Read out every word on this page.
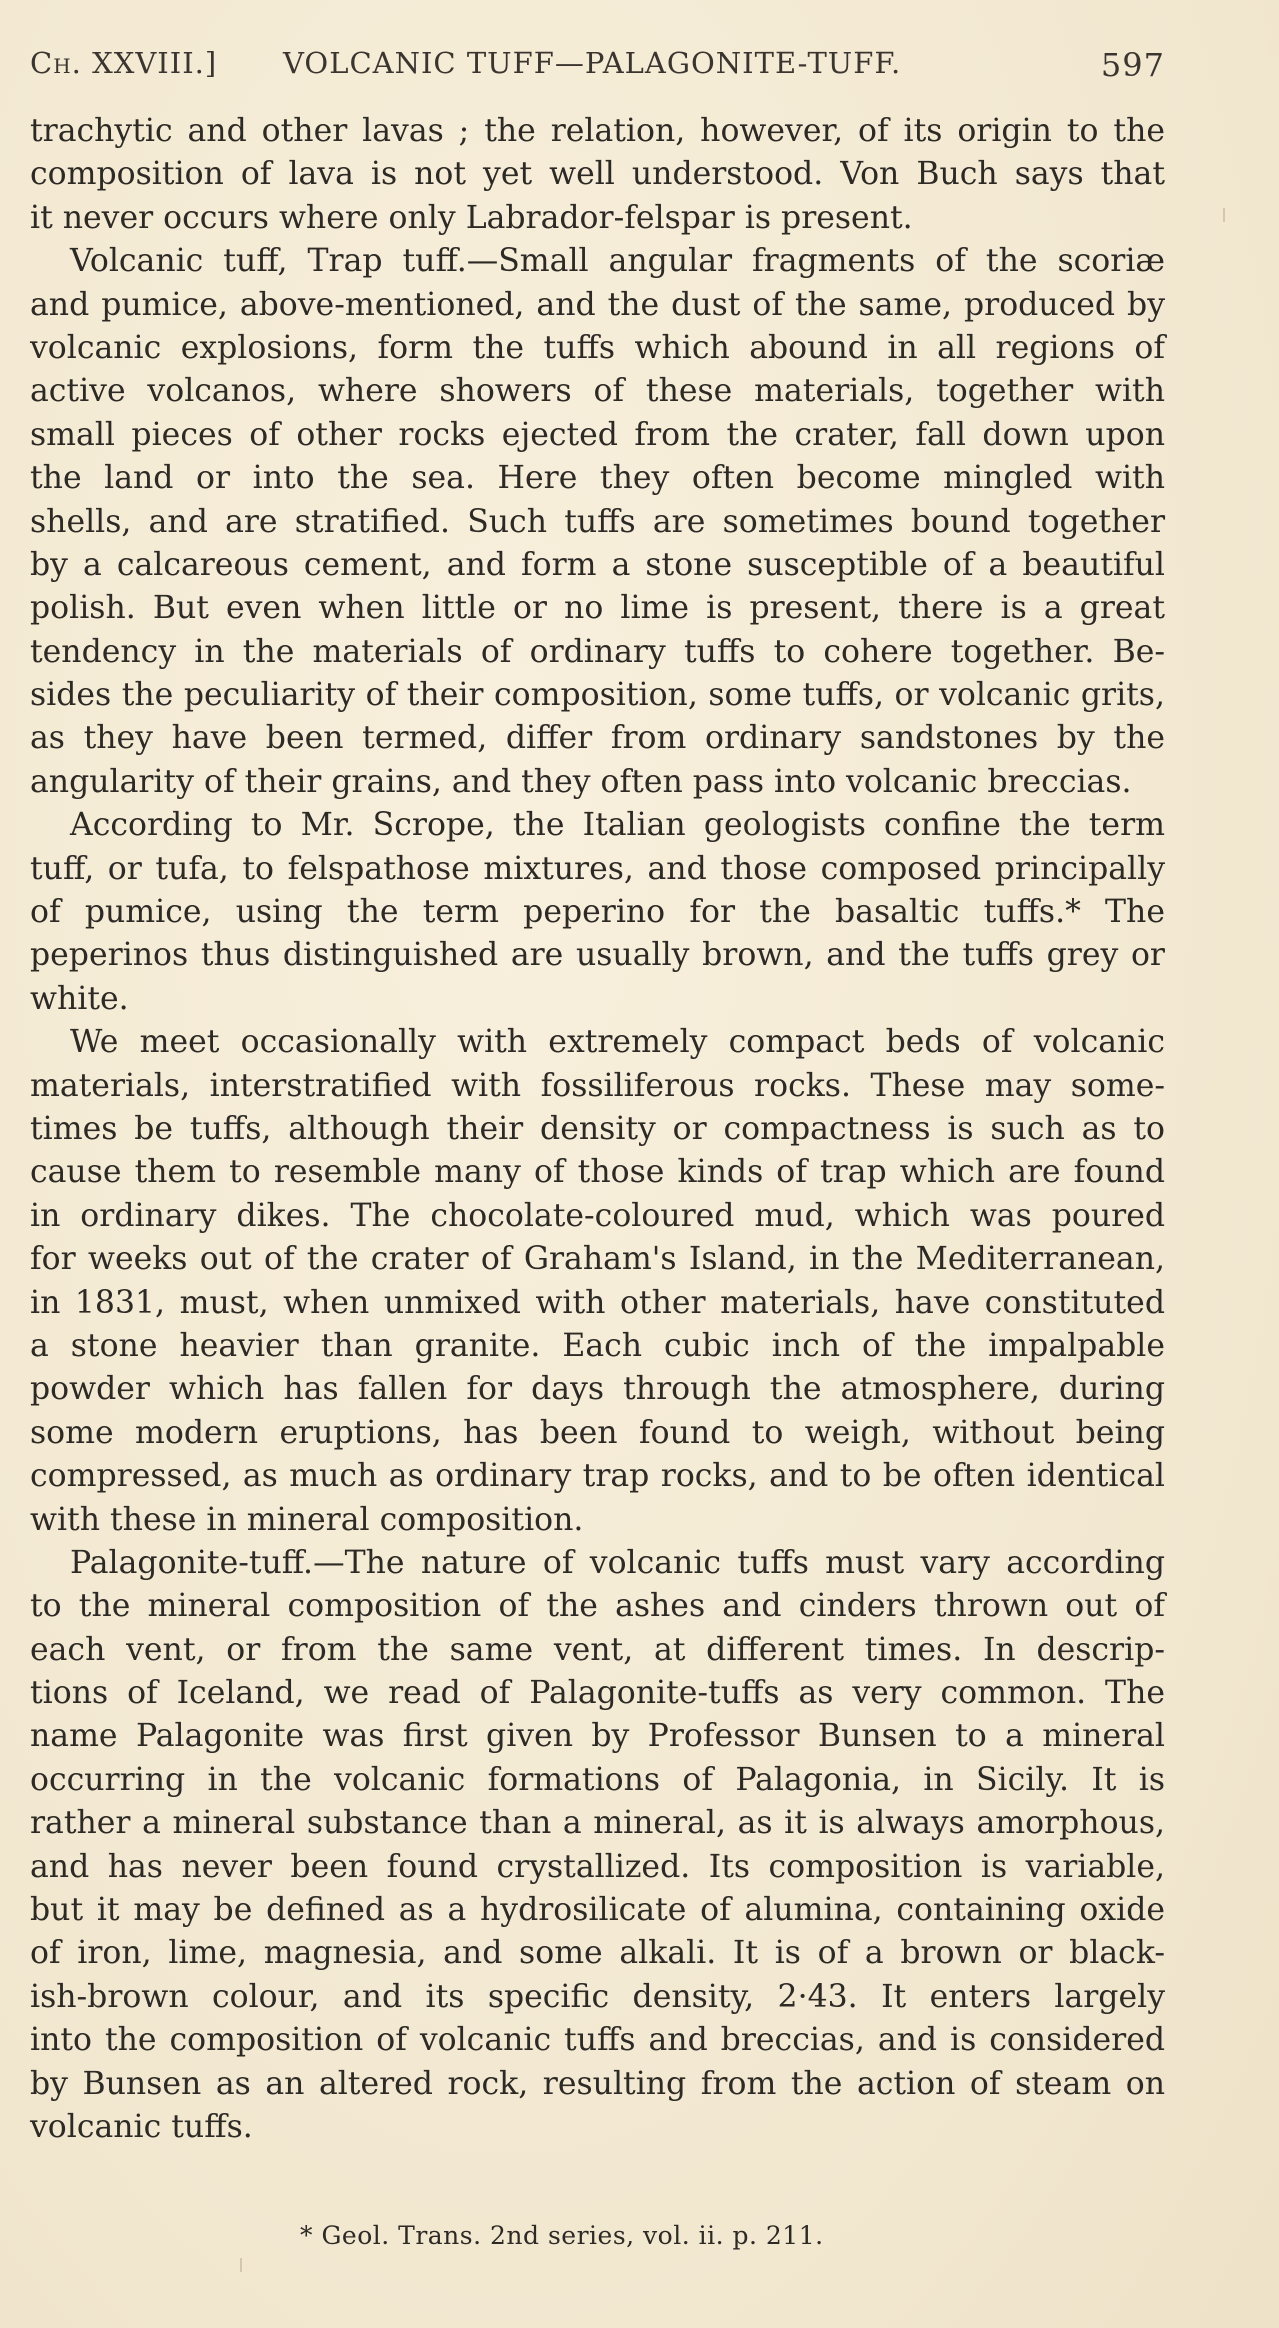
Ch. XXVIII.] VOLCANIC TUFF—PALAGONITE-TUFF.	597
trachytic and other lavas ; the relation, however, of its origin to the
composition of lava is not yet well understood. Von Buch says that
it never occurs where only Labrador-felspar is present.
Volcanic tuff, Trap tuff.—Small angular fragments of the scoriæ
and pumice, above-mentioned, and the dust of the same, produced by
volcanic explosions, form the tuffs which abound in all regions of
active volcanos, where showers of these materials, together with
small pieces of other rocks ejected from the crater, fall down upon
the land or into the sea. Here they often become mingled with
shells, and are stratified. Such tuffs are sometimes bound together
by a calcareous cement, and form a stone susceptible of a beautiful
polish. But even when little or no lime is present, there is a great
tendency in the materials of ordinary tuffs to cohere together. Be-
sides the peculiarity of their composition, some tuffs, or volcanic grits,
as they have been termed, differ from ordinary sandstones by the
angularity of their grains, and they often pass into volcanic breccias.
According to Mr. Scrope, the Italian geologists confine the term
tuff, or tufa, to felspathose mixtures, and those composed principally
of pumice, using the term peperino for the basaltic tuffs.* The
peperinos thus distinguished are usually brown, and the tuffs grey or
white.
We meet occasionally with extremely compact beds of volcanic
materials, interstratified with fossiliferous rocks. These may some-
times be tuffs, although their density or compactness is such as to
cause them to resemble many of those kinds of trap which are found
in ordinary dikes. The chocolate-coloured mud, which was poured
for weeks out of the crater of Graham's Island, in the Mediterranean,
in 1831, must, when unmixed with other materials, have constituted
a stone heavier than granite. Each cubic inch of the impalpable
powder which has fallen for days through the atmosphere, during
some modern eruptions, has been found to weigh, without being
compressed, as much as ordinary trap rocks, and to be often identical
with these in mineral composition.
Palagonite-tuff.—The nature of volcanic tuffs must vary according
to the mineral composition of the ashes and cinders thrown out of
each vent, or from the same vent, at different times. In descrip-
tions of Iceland, we read of Palagonite-tuffs as very common. The
name Palagonite was first given by Professor Bunsen to a mineral
occurring in the volcanic formations of Palagonia, in Sicily. It is
rather a mineral substance than a mineral, as it is always amorphous,
and has never been found crystallized. Its composition is variable,
but it may be defined as a hydrosilicate of alumina, containing oxide
of iron, lime, magnesia, and some alkali. It is of a brown or black-
ish-brown colour, and its specific density, 2·43. It enters largely
into the composition of volcanic tuffs and breccias, and is considered
by Bunsen as an altered rock, resulting from the action of steam on
volcanic tuffs.
* Geol. Trans. 2nd series, vol. ii. p. 211.
